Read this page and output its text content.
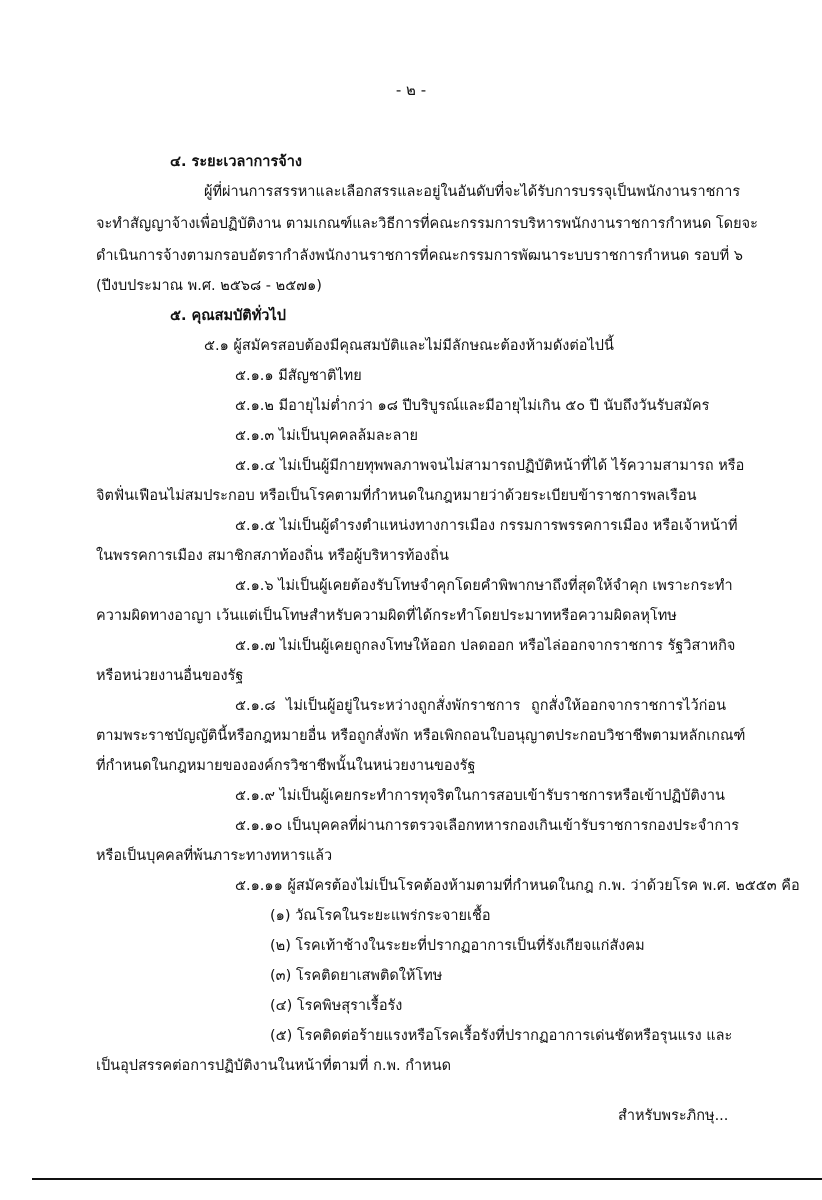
- ๒ -
๔. ระยะเวลาการจ้าง
ผู้ที่ผ่านการสรรหาและเลือกสรรและอยู่ในอันดับที่จะได้รับการบรรจุเป็นพนักงานราชการ
จะทำสัญญาจ้างเพื่อปฏิบัติงาน ตามเกณฑ์และวิธีการที่คณะกรรมการบริหารพนักงานราชการกำหนด โดยจะ
ดำเนินการจ้างตามกรอบอัตรากำลังพนักงานราชการที่คณะกรรมการพัฒนาระบบราชการกำหนด รอบที่ ๖
(ปีงบประมาณ พ.ศ. ๒๕๖๘ - ๒๕๗๑)
๕. คุณสมบัติทั่วไป
๕.๑ ผู้สมัครสอบต้องมีคุณสมบัติและไม่มีลักษณะต้องห้ามดังต่อไปนี้
๕.๑.๑ มีสัญชาติไทย
๕.๑.๒ มีอายุไม่ต่ำกว่า ๑๘ ปีบริบูรณ์และมีอายุไม่เกิน ๕๐ ปี นับถึงวันรับสมัคร
๕.๑.๓ ไม่เป็นบุคคลล้มละลาย
๕.๑.๔ ไม่เป็นผู้มีกายทุพพลภาพจนไม่สามารถปฏิบัติหน้าที่ได้ ไร้ความสามารถ หรือ
จิตฟั่นเฟือนไม่สมประกอบ หรือเป็นโรคตามที่กำหนดในกฎหมายว่าด้วยระเบียบข้าราชการพลเรือน
๕.๑.๕ ไม่เป็นผู้ดำรงตำแหน่งทางการเมือง กรรมการพรรคการเมือง หรือเจ้าหน้าที่
ในพรรคการเมือง สมาชิกสภาท้องถิ่น หรือผู้บริหารท้องถิ่น
๕.๑.๖ ไม่เป็นผู้เคยต้องรับโทษจำคุกโดยคำพิพากษาถึงที่สุดให้จำคุก เพราะกระทำ
ความผิดทางอาญา เว้นแต่เป็นโทษสำหรับความผิดที่ได้กระทำโดยประมาทหรือความผิดลหุโทษ
๕.๑.๗ ไม่เป็นผู้เคยถูกลงโทษให้ออก ปลดออก หรือไล่ออกจากราชการ รัฐวิสาหกิจ
หรือหน่วยงานอื่นของรัฐ
๕.๑.๘ ไม่เป็นผู้อยู่ในระหว่างถูกสั่งพักราชการ ถูกสั่งให้ออกจากราชการไว้ก่อน
ตามพระราชบัญญัตินี้หรือกฎหมายอื่น หรือถูกสั่งพัก หรือเพิกถอนใบอนุญาตประกอบวิชาชีพตามหลักเกณฑ์
ที่กำหนดในกฎหมายขององค์กรวิชาชีพนั้นในหน่วยงานของรัฐ
๕.๑.๙ ไม่เป็นผู้เคยกระทำการทุจริตในการสอบเข้ารับราชการหรือเข้าปฏิบัติงาน
๕.๑.๑๐ เป็นบุคคลที่ผ่านการตรวจเลือกทหารกองเกินเข้ารับราชการกองประจำการ
หรือเป็นบุคคลที่พ้นภาระทางทหารแล้ว
๕.๑.๑๑ ผู้สมัครต้องไม่เป็นโรคต้องห้ามตามที่กำหนดในกฎ ก.พ. ว่าด้วยโรค พ.ศ. ๒๕๕๓ คือ
(๑) วัณโรคในระยะแพร่กระจายเชื้อ
(๒) โรคเท้าช้างในระยะที่ปรากฏอาการเป็นที่รังเกียจแก่สังคม
(๓) โรคติดยาเสพติดให้โทษ
(๔) โรคพิษสุราเรื้อรัง
(๕) โรคติดต่อร้ายแรงหรือโรคเรื้อรังที่ปรากฏอาการเด่นชัดหรือรุนแรง และ
เป็นอุปสรรคต่อการปฏิบัติงานในหน้าที่ตามที่ ก.พ. กำหนด
สำหรับพระภิกษุ...
